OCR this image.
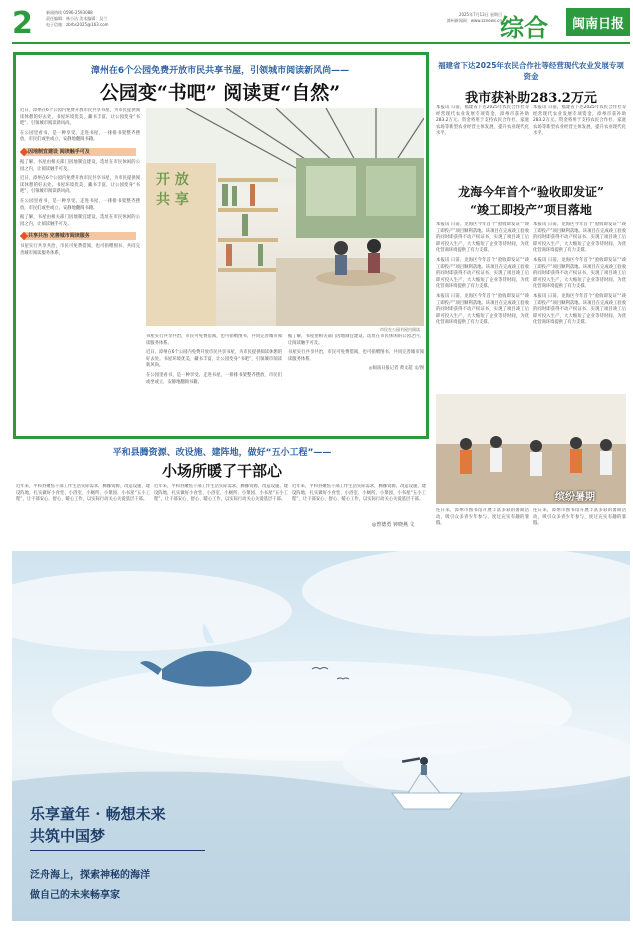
2	新闻热线 0596-2593088
责任编辑：林小洁 美术编辑：吴兰
电子信箱：zbrbs2025@163.com
2025年7月13日 星期日
漳州新闻网：www.zznews.cn
综合	闽南日报
漳州在6个公园免费开放市民共享书屋，引领城市阅读新风尚——
公园变“书吧” 阅读更“自然”

近日，漳州在6个公园内免费开放市民共享书屋，为市民提供阅读休憩的好去处。书屋环境优美、藏书丰富，让公园变身“书吧”，引领城市阅读新风尚。

在公园里看书，是一种享受。走进书屋，一排排书架整齐摆放，市民们或坐或立，安静地翻阅书籍。

因地制宜建设 阅读触手可及

据了解，书屋由相关部门因地制宜建设，选址在市民休闲的公园之内，让阅读触手可及。

近日，漳州在6个公园内免费开放市民共享书屋，为市民提供阅读休憩的好去处。书屋环境优美、藏书丰富，让公园变身“书吧”，引领城市阅读新风尚。

在公园里看书，是一种享受。走进书屋，一排排书架整齐摆放，市民们或坐或立，安静地翻阅书籍。

据了解，书屋由相关部门因地制宜建设，选址在市民休闲的公园之内，让阅读触手可及。

共享共治 完善城市阅读服务

书屋实行共享共治，市民可免费借阅，也可捐赠图书，共同完善城市阅读服务体系。

开 放
共 享
市民在公园书屋内阅读

书屋实行共享共治，市民可免费借阅，也可捐赠图书，共同完善城市阅读服务体系。

近日，漳州在6个公园内免费开放市民共享书屋，为市民提供阅读休憩的好去处。书屋环境优美、藏书丰富，让公园变身“书吧”，引领城市阅读新风尚。

在公园里看书，是一种享受。走进书屋，一排排书架整齐摆放，市民们或坐或立，安静地翻阅书籍。

据了解，书屋由相关部门因地制宜建设，选址在市民休闲的公园之内，让阅读触手可及。

书屋实行共享共治，市民可免费借阅，也可捐赠图书，共同完善城市阅读服务体系。

◎闽南日报记者 黄文超 文/图

福建省下达2025年农民合作社等经营现代农业发展专项资金
我市获补助283.2万元
本报讯 日前，福建省下达2025年农民合作社等经营现代农业发展专项资金，漳州市获补助283.2万元。资金将用于支持农民合作社、家庭农场等新型农业经营主体发展，提升农业现代化水平。
本报讯 日前，福建省下达2025年农民合作社等经营现代农业发展专项资金，漳州市获补助283.2万元。资金将用于支持农民合作社、家庭农场等新型农业经营主体发展，提升农业现代化水平。
龙海今年首个“验收即发证”
“竣工即投产”项目落地

本报讯 日前，龙海区今年首个“验收即发证”“竣工即投产”项目顺利落地。该项目在完成竣工验收的同时即获得不动产权证书，实现了项目竣工后即可投入生产，大大缩短了企业等待时间，为优化营商环境提供了有力支撑。

本报讯 日前，龙海区今年首个“验收即发证”“竣工即投产”项目顺利落地。该项目在完成竣工验收的同时即获得不动产权证书，实现了项目竣工后即可投入生产，大大缩短了企业等待时间，为优化营商环境提供了有力支撑。

本报讯 日前，龙海区今年首个“验收即发证”“竣工即投产”项目顺利落地。该项目在完成竣工验收的同时即获得不动产权证书，实现了项目竣工后即可投入生产，大大缩短了企业等待时间，为优化营商环境提供了有力支撑。

本报讯 日前，龙海区今年首个“验收即发证”“竣工即投产”项目顺利落地。该项目在完成竣工验收的同时即获得不动产权证书，实现了项目竣工后即可投入生产，大大缩短了企业等待时间，为优化营商环境提供了有力支撑。

本报讯 日前，龙海区今年首个“验收即发证”“竣工即投产”项目顺利落地。该项目在完成竣工验收的同时即获得不动产权证书，实现了项目竣工后即可投入生产，大大缩短了企业等待时间，为优化营商环境提供了有力支撑。

本报讯 日前，龙海区今年首个“验收即发证”“竣工即投产”项目顺利落地。该项目在完成竣工验收的同时即获得不动产权证书，实现了项目竣工后即可投入生产，大大缩短了企业等待时间，为优化营商环境提供了有力支撑。

缤纷暑期
连日来，漳州市图书馆开展丰富多彩的暑期活动，吸引众多青少年参与，度过充实有趣的暑假。
连日来，漳州市图书馆开展丰富多彩的暑期活动，吸引众多青少年参与，度过充实有趣的暑假。
平和县腾资源、改设施、建阵地，做好“五小工程”——
小场所暖了干部心
近年来，平和县聚焦干部工作生活实际需求，腾挪资源、改造设施、建设阵地，扎实做好小食堂、小浴室、小厕所、小菜园、小书屋“五小工程”，让干部安心、舒心、暖心工作，以实际行动关心关爱基层干部。
近年来，平和县聚焦干部工作生活实际需求，腾挪资源、改造设施、建设阵地，扎实做好小食堂、小浴室、小厕所、小菜园、小书屋“五小工程”，让干部安心、舒心、暖心工作，以实际行动关心关爱基层干部。
近年来，平和县聚焦干部工作生活实际需求，腾挪资源、改造设施、建设阵地，扎实做好小食堂、小浴室、小厕所、小菜园、小书屋“五小工程”，让干部安心、舒心、暖心工作，以实际行动关心关爱基层干部。
◎曾德勇 钟晓燕 文
乐享童年 · 畅想未来
共筑中国梦
泛舟海上，探索神秘的海洋
做自己的未来畅享家
